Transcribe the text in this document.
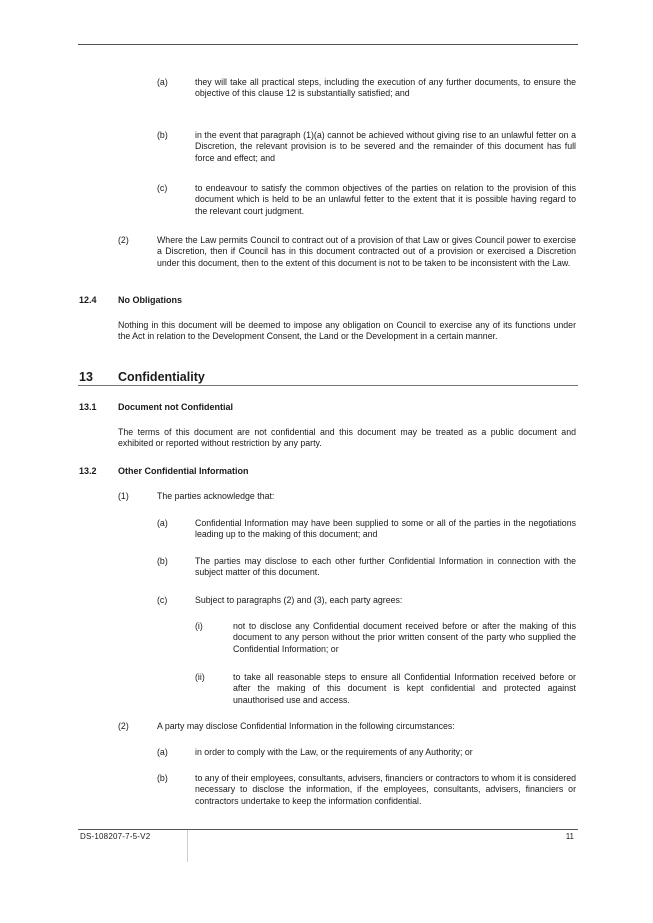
(a)	they will take all practical steps, including the execution of any further documents, to ensure the objective of this clause 12 is substantially satisfied; and
(b)	in the event that paragraph (1)(a) cannot be achieved without giving rise to an unlawful fetter on a Discretion, the relevant provision is to be severed and the remainder of this document has full force and effect; and
(c)	to endeavour to satisfy the common objectives of the parties on relation to the provision of this document which is held to be an unlawful fetter to the extent that it is possible having regard to the relevant court judgment.
(2)	Where the Law permits Council to contract out of a provision of that Law or gives Council power to exercise a Discretion, then if Council has in this document contracted out of a provision or exercised a Discretion under this document, then to the extent of this document is not to be taken to be inconsistent with the Law.
12.4 No Obligations
Nothing in this document will be deemed to impose any obligation on Council to exercise any of its functions under the Act in relation to the Development Consent, the Land or the Development in a certain manner.
13 Confidentiality
13.1 Document not Confidential
The terms of this document are not confidential and this document may be treated as a public document and exhibited or reported without restriction by any party.
13.2 Other Confidential Information
(1)	The parties acknowledge that:
(a)	Confidential Information may have been supplied to some or all of the parties in the negotiations leading up to the making of this document; and
(b)	The parties may disclose to each other further Confidential Information in connection with the subject matter of this document.
(c)	Subject to paragraphs (2) and (3), each party agrees:
(i)	not to disclose any Confidential document received before or after the making of this document to any person without the prior written consent of the party who supplied the Confidential Information; or
(ii)	to take all reasonable steps to ensure all Confidential Information received before or after the making of this document is kept confidential and protected against unauthorised use and access.
(2)	A party may disclose Confidential Information in the following circumstances:
(a)	in order to comply with the Law, or the requirements of any Authority; or
(b)	to any of their employees, consultants, advisers, financiers or contractors to whom it is considered necessary to disclose the information, if the employees, consultants, advisers, financiers or contractors undertake to keep the information confidential.
DS-108207-7-5-V2	11
